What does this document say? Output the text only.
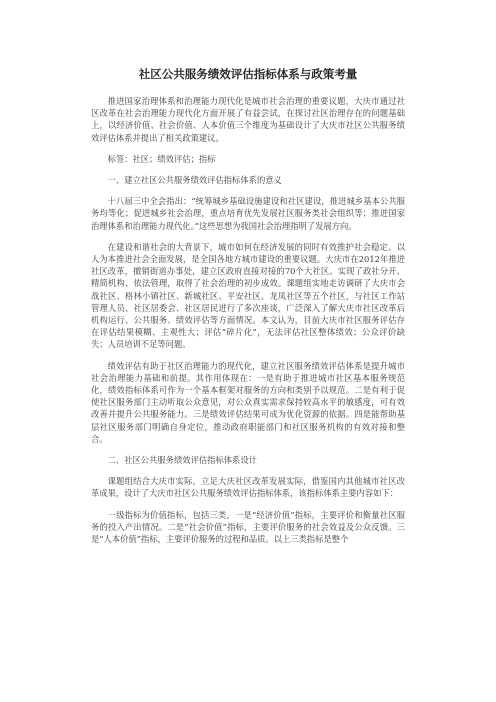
社区公共服务绩效评估指标体系与政策考量

推进国家治理体系和治理能力现代化是城市社会治理的重要议题，大庆市通过社区改革在社会治理能力现代化方面开展了有益尝试，在探讨社区治理存在的问题基础上，以经济价值、社会价值、人本价值三个维度为基础设计了大庆市社区公共服务绩效评估体系并提出了相关政策建议。

标签：社区；绩效评估；指标

一、建立社区公共服务绩效评估指标体系的意义

十八届三中全会指出：“统筹城乡基础设施建设和社区建设，推进城乡基本公共服务均等化；促进城乡社会治理，重点培育优先发展社区服务类社会组织等；推进国家治理体系和治理能力现代化。”这些思想为我国社会治理指明了发展方向。

在建设和谐社会的大背景下，城市如何在经济发展的同时有效推护社会稳定、以人为本推进社会全面发展，是全国各地方城市建设的重要议题。大庆市在2012年推进社区改革，撤销街道办事处，建立区政府直接对接的70个大社区。实现了政社分开、精简机构、依法管理，取得了社会治理的初步成效。课题组实地走访调研了大庆市会战社区、格林小镇社区、新城社区、平安社区、龙凤社区等五个社区，与社区工作站管理人员、社区居委会、社区居民进行了多次座谈，广泛深入了解大庆市社区改革后机构运行、公共服务、绩效评估等方面情况。本文认为，目前大庆市社区服务评估存在评估结果模糊、主观性大；评估“碎片化”，无法评估社区整体绩效；公众评价缺失；人员培训不足等问题。

绩效评估有助于社区治理能力的现代化，建立社区服务绩效评估体系是提升城市社会治理能力基础和前提。其作用体现在：一是有助于推进城市社区基本服务规范化，绩效指标体系可作为一个基本框架对服务的方向和类别予以规范。二是有利于促使社区服务部门主动听取公众意见，对公众真实需求保持较高水平的敏感度，可有效改善并提升公共服务能力。三是绩效评估结果可成为优化资源的依据。四是能帮助基层社区服务部门明确自身定位，推动政府职能部门和社区服务机构的有效对接和整合。

二、社区公共服务绩效评估指标体系设计

课题组结合大庆市实际，立足大庆社区改革发展实际，借鉴国内其他城市社区改革成果，设计了大庆市社区公共服务绩效评估指标体系，该指标体系主要内容如下：

一级指标为价值指标，包括三类，一是“经济价值”指标，主要评价和衡量社区服务的投入产出情况。二是“社会价值”指标，主要评价服务的社会效益及公众反馈。三是“人本价值”指标，主要评价服务的过程和品质。以上三类指标是整个
